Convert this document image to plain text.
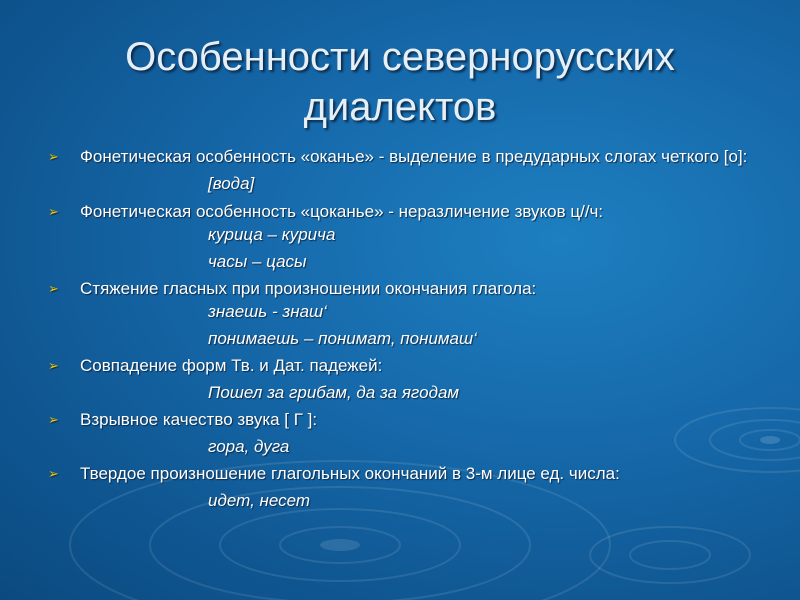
Особенности севернорусских
диалектов
➢ Фонетическая особенность «оканье» - выделение в предударных слогах четкого [о]:
[вода]
➢ Фонетическая особенность «цоканье» - неразличение звуков ц//ч:
курица – курича
часы – цасы
➢ Стяжение гласных при произношении окончания глагола:
знаешь - знаш‘
понимаешь – понимат, понимаш‘
➢ Совпадение форм Тв. и Дат. падежей:
Пошел за грибам, да за ягодам
➢ Взрывное качество звука [ Г ]:
гора, дуга
➢ Твердое произношение глагольных окончаний в 3-м лице ед. числа:
идет, несет
